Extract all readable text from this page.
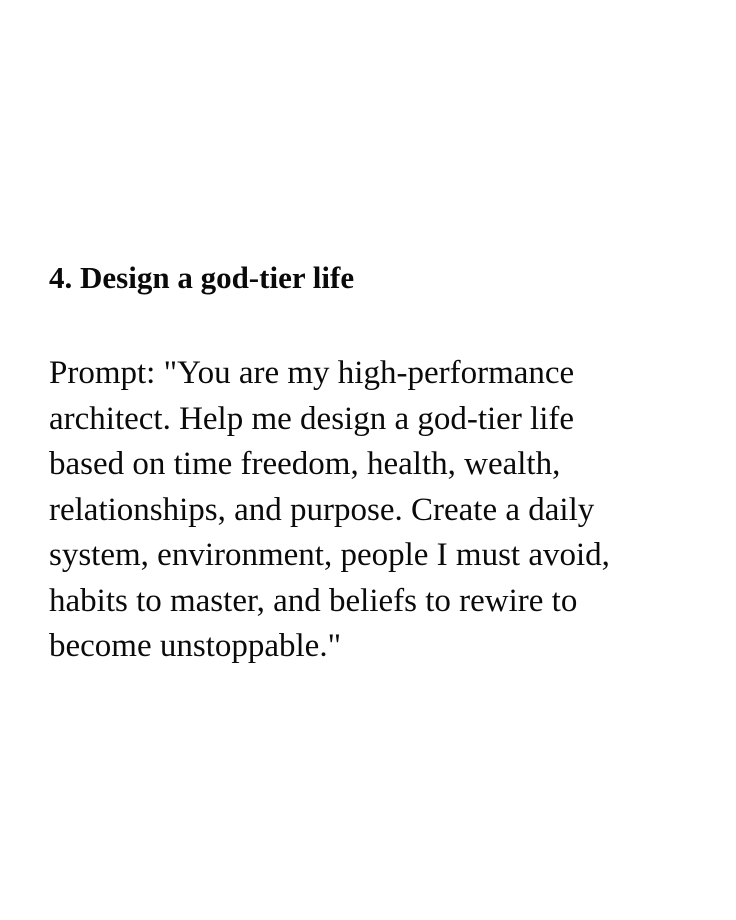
4. Design a god-tier life

Prompt: "You are my high-performance
architect. Help me design a god-tier life
based on time freedom, health, wealth,
relationships, and purpose. Create a daily
system, environment, people I must avoid,
habits to master, and beliefs to rewire to
become unstoppable."
